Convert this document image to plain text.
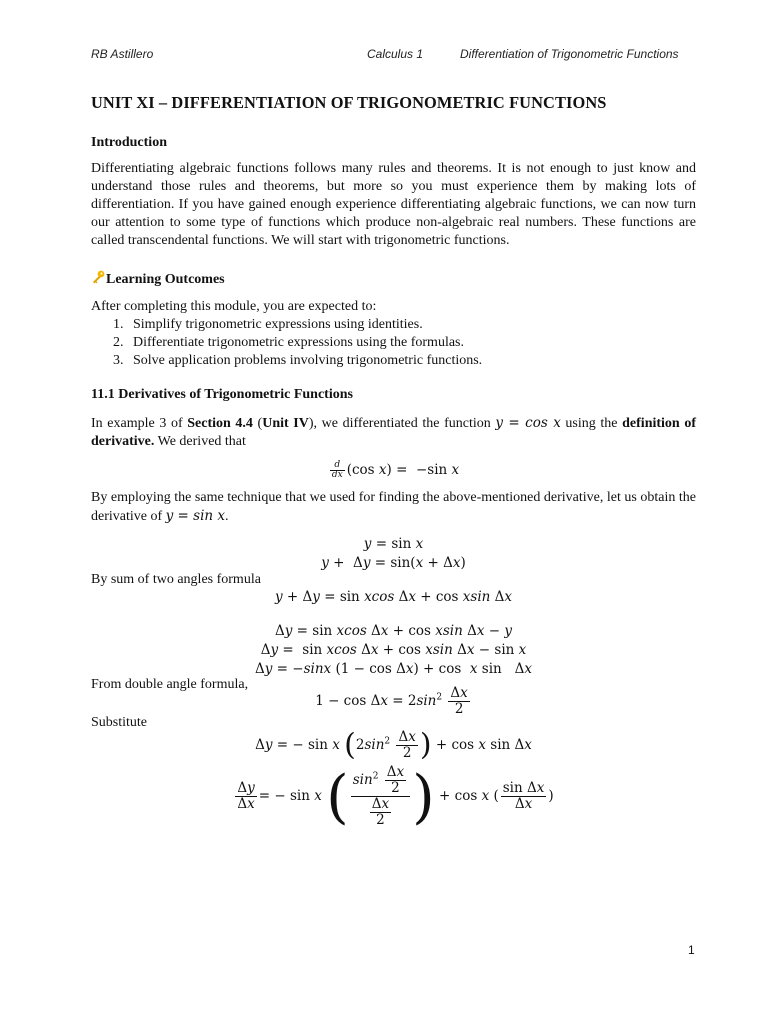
RB Astillero	Calculus 1	Differentiation of Trigonometric Functions
UNIT XI – DIFFERENTIATION OF TRIGONOMETRIC FUNCTIONS
Introduction

Differentiating algebraic functions follows many rules and theorems. It is not enough to just know and understand those rules and theorems, but more so you must experience them by making lots of differentiation. If you have gained enough experience differentiating algebraic functions, we can now turn our attention to some type of functions which produce non-algebraic real numbers. These functions are called transcendental functions. We will start with trigonometric functions.

Learning Outcomes

After completing this module, you are expected to:

1. Simplify trigonometric expressions using identities.
2. Differentiate trigonometric expressions using the formulas.
3. Solve application problems involving trigonometric functions.
11.1 Derivatives of Trigonometric Functions

In example 3 of Section 4.4 (Unit IV), we differentiated the function y = cos x using the definition of derivative. We derived that

$\frac{d}{dx} (\cos$ x) =  −sin x

By employing the same technique that we used for finding the above-mentioned derivative, let us obtain the derivative of y = sin x.

y = sin x
y +  Δy = sin(x + Δx)

By sum of two angles formula

y + Δy = sin xcos Δx + cos xsin Δx
Δy = sin xcos Δx + cos xsin Δx − y
Δy =  sin xcos Δx + cos xsin Δx − sin x
Δy = −sinx (1 − cos Δx) + cos  x sin   Δx

From double angle formula,

$1 - \cos \Delta x = 2\sin^2 \frac{\Delta x}{2}$

Substitute

Δy = − sin x ($2\sin^2 \frac{\Delta x}{2}$ ) + cos x sin Δx
$\frac{\Delta y}{\Delta x}$ = − sin x ( $\frac{\sin^2 \frac{\Delta x}{2}}{\frac{\Delta x}{2}}$ ) + cos x ( $\frac{\text{sin Δx}}{\Delta x}$ )
1
